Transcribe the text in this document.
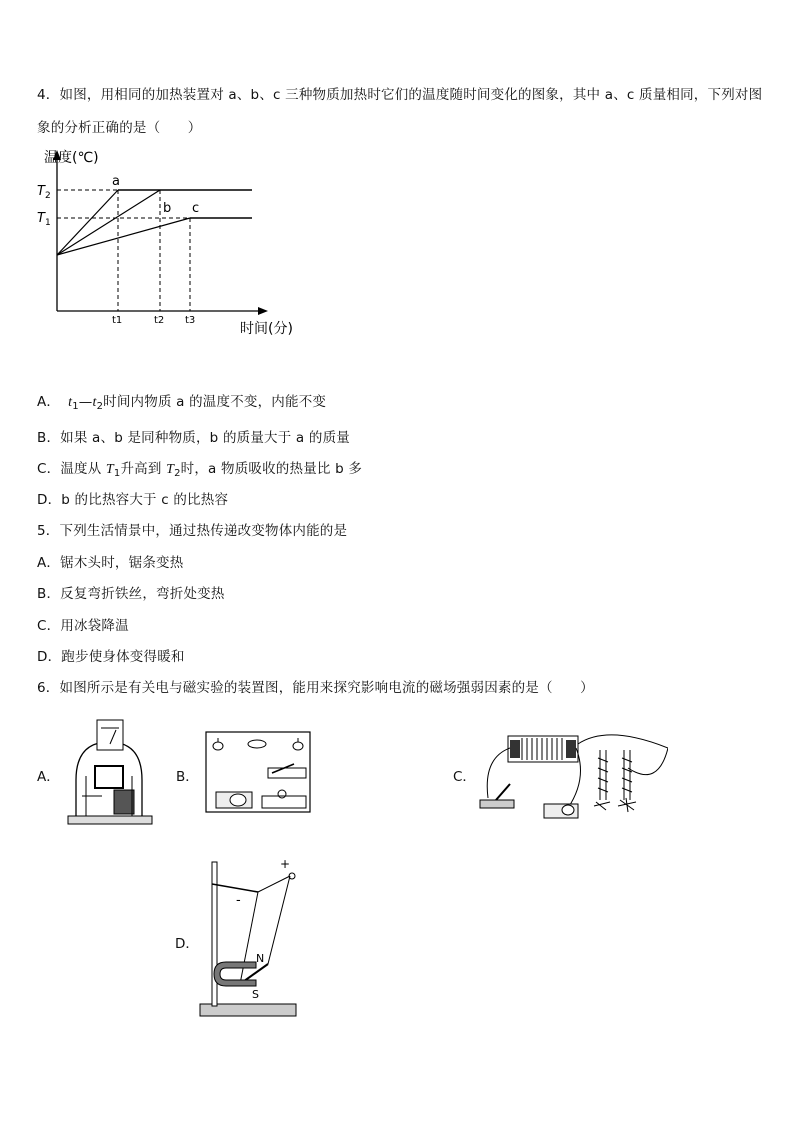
4．如图，用相同的加热装置对 a、b、c 三种物质加热时它们的温度随时间变化的图象，其中 a、c 质量相同，下列对图
象的分析正确的是（　　）
温度(℃)
时间(分)
$T_2$
$T_1$
a
b c
t1	t2 t3
A． $t_1—t_2$时间内物质 a 的温度不变，内能不变
B．如果 a、b 是同种物质，b 的质量大于 a 的质量
C．温度从 $T_1$升高到 $T_2$时，a 物质吸收的热量比 b 多
D．b 的比热容大于 c 的比热容
5．下列生活情景中，通过热传递改变物体内能的是
A．锯木头时，锯条变热
B．反复弯折铁丝，弯折处变热
C．用冰袋降温
D．跑步使身体变得暖和
6．如图所示是有关电与磁实验的装置图，能用来探究影响电流的磁场强弱因素的是（　　）
A．	B．	C．
D．
+
-
N
S
